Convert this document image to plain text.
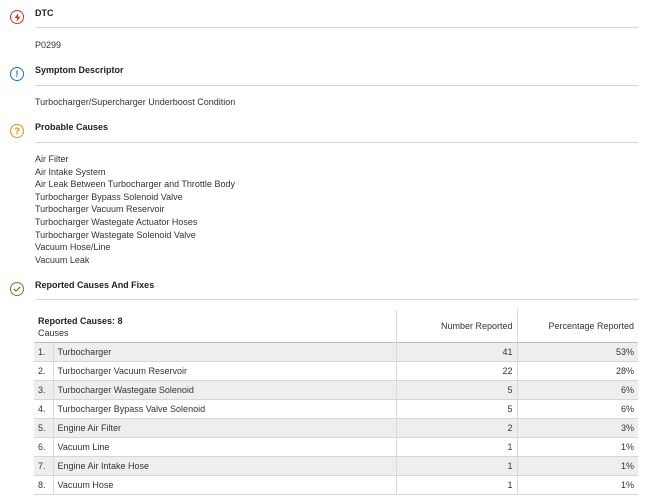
DTC
P0299
!	Symptom Descriptor
Turbocharger/Supercharger Underboost Condition
?	Probable Causes
Air Filter
Air Intake System
Air Leak Between Turbocharger and Throttle Body
Turbocharger Bypass Solenoid Valve
Turbocharger Vacuum Reservoir
Turbocharger Wastegate Actuator Hoses
Turbocharger Wastegate Solenoid Valve
Vacuum Hose/Line
Vacuum Leak
Reported Causes And Fixes
Reported Causes: 8
Causes		Number Reported	Percentage Reported
1.	Turbocharger	41	53%
2.	Turbocharger Vacuum Reservoir	22	28%
3.	Turbocharger Wastegate Solenoid	5	6%
4.	Turbocharger Bypass Valve Solenoid	5	6%
5.	Engine Air Filter	2	3%
6.	Vacuum Line	1	1%
7.	Engine Air Intake Hose	1	1%
8.	Vacuum Hose	1	1%
